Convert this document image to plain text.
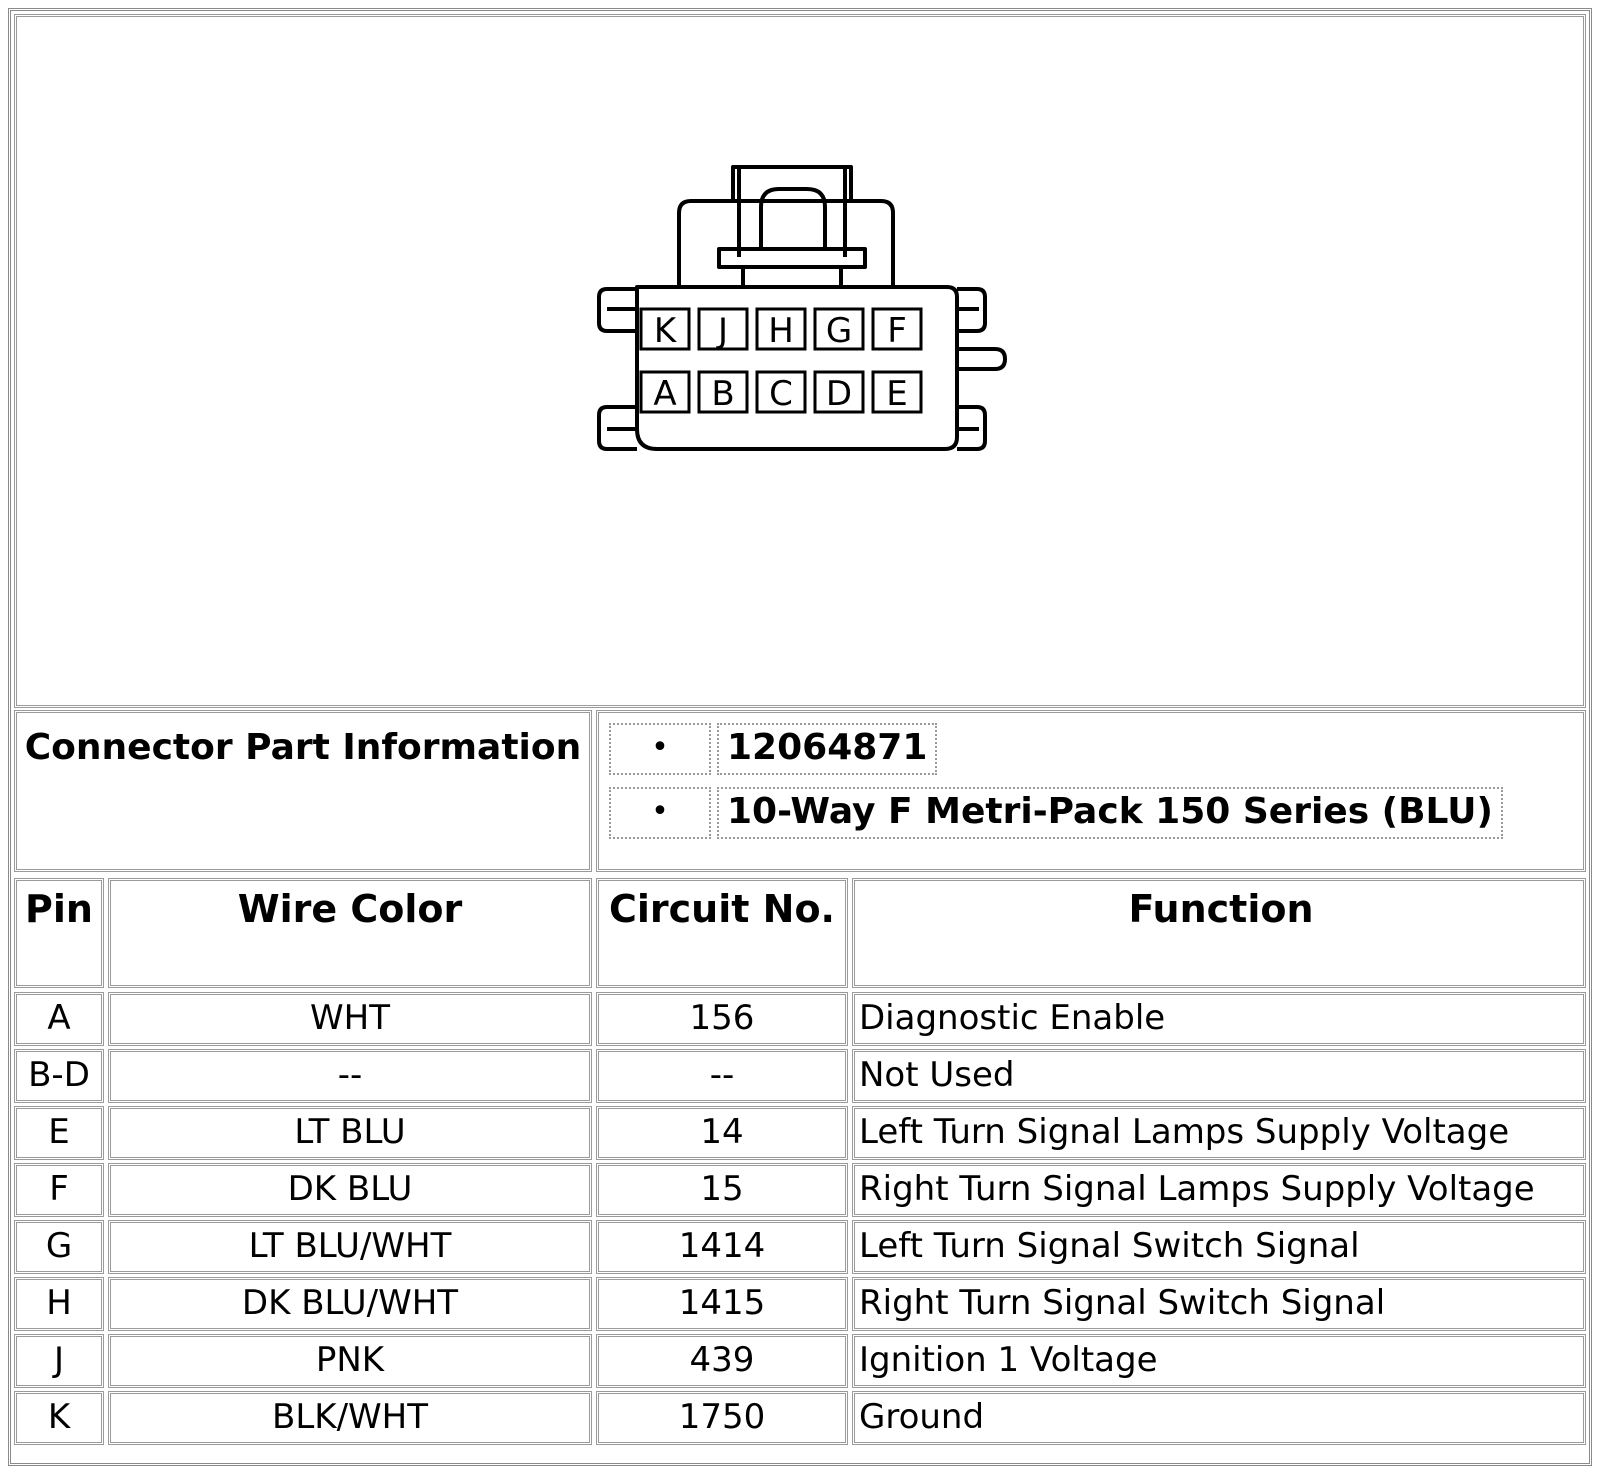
K J H G F
A B C D E
Connector Part Information	•	12064871
•	10-Way F Metri-Pack 150 Series (BLU)
Pin	Wire Color	Circuit No.	Function
A	WHT	156	Diagnostic Enable
B-D	--	--	Not Used
E	LT BLU	14	Left Turn Signal Lamps Supply Voltage
F	DK BLU	15	Right Turn Signal Lamps Supply Voltage
G	LT BLU/WHT	1414	Left Turn Signal Switch Signal
H	DK BLU/WHT	1415	Right Turn Signal Switch Signal
J	PNK	439	Ignition 1 Voltage
K	BLK/WHT	1750	Ground
